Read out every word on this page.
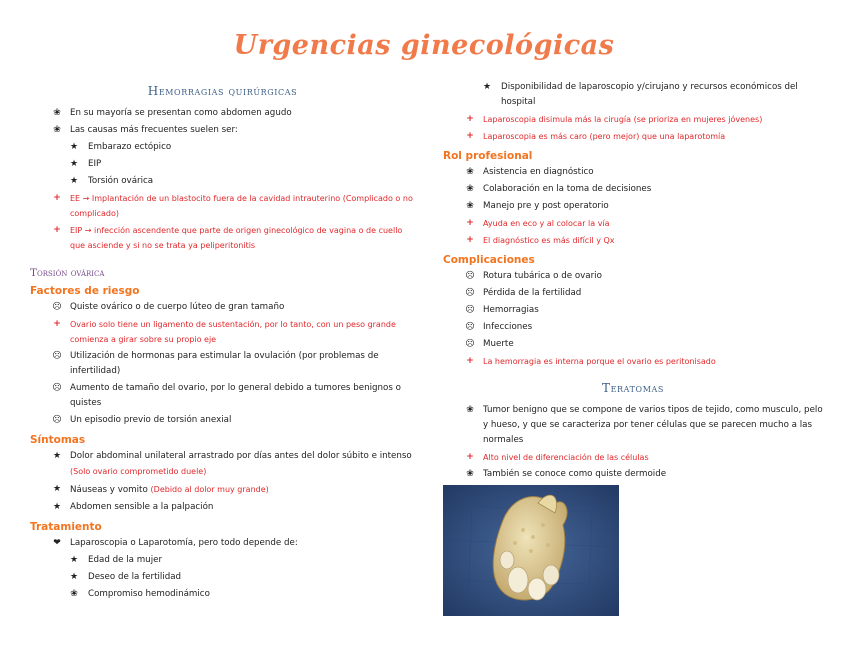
Urgencias ginecológicas
Hemorragias quirúrgicas
❀	En su mayoría se presentan como abdomen agudo
❀	Las causas más frecuentes suelen ser:
★	Embarazo ectópico
★	EIP
★	Torsión ovárica
+	EE → Implantación de un blastocito fuera de la cavidad intrauterino (Complicado o no complicado)
+	EIP → infección ascendente que parte de origen ginecológico de vagina o de cuello que asciende y si no se trata ya peliperitonitis
Torsión ovárica
Factores de riesgo
☹ Quiste ovárico o de cuerpo lúteo de gran tamaño
+	Ovario solo tiene un ligamento de sustentación, por lo tanto, con un peso grande comienza a girar sobre su propio eje
☹ Utilización de hormonas para estimular la ovulación (por problemas de infertilidad)
☹ Aumento de tamaño del ovario, por lo general debido a tumores benignos o quistes
☹ Un episodio previo de torsión anexial
Síntomas
★	Dolor abdominal unilateral arrastrado por días antes del dolor súbito e intenso (Solo ovario comprometido duele)
★	Náuseas y vomito (Debido al dolor muy grande)
★	Abdomen sensible a la palpación
Tratamiento
❤	Laparoscopia o Laparotomía, pero todo depende de:
★	Edad de la mujer
★	Deseo de la fertilidad
❀	Compromiso hemodinámico
★	Disponibilidad de laparoscopio y/cirujano y recursos económicos del hospital
+	Laparoscopia disimula más la cirugía (se prioriza en mujeres jóvenes)
+	Laparoscopia es más caro (pero mejor) que una laparotomía
Rol profesional
❀	Asistencia en diagnóstico
❀	Colaboración en la toma de decisiones
❀	Manejo pre y post operatorio
+	Ayuda en eco y al colocar la vía
+	El diagnóstico es más difícil y Qx
Complicaciones
☹ Rotura tubárica o de ovario
☹ Pérdida de la fertilidad
☹ Hemorragias
☹ Infecciones
☹ Muerte
+	La hemorragia es interna porque el ovario es peritonisado
Teratomas
❀	Tumor benigno que se compone de varios tipos de tejido, como musculo, pelo y hueso, y que se caracteriza por tener células que se parecen mucho a las normales
+	Alto nivel de diferenciación de las células
❀	También se conoce como quiste dermoide
